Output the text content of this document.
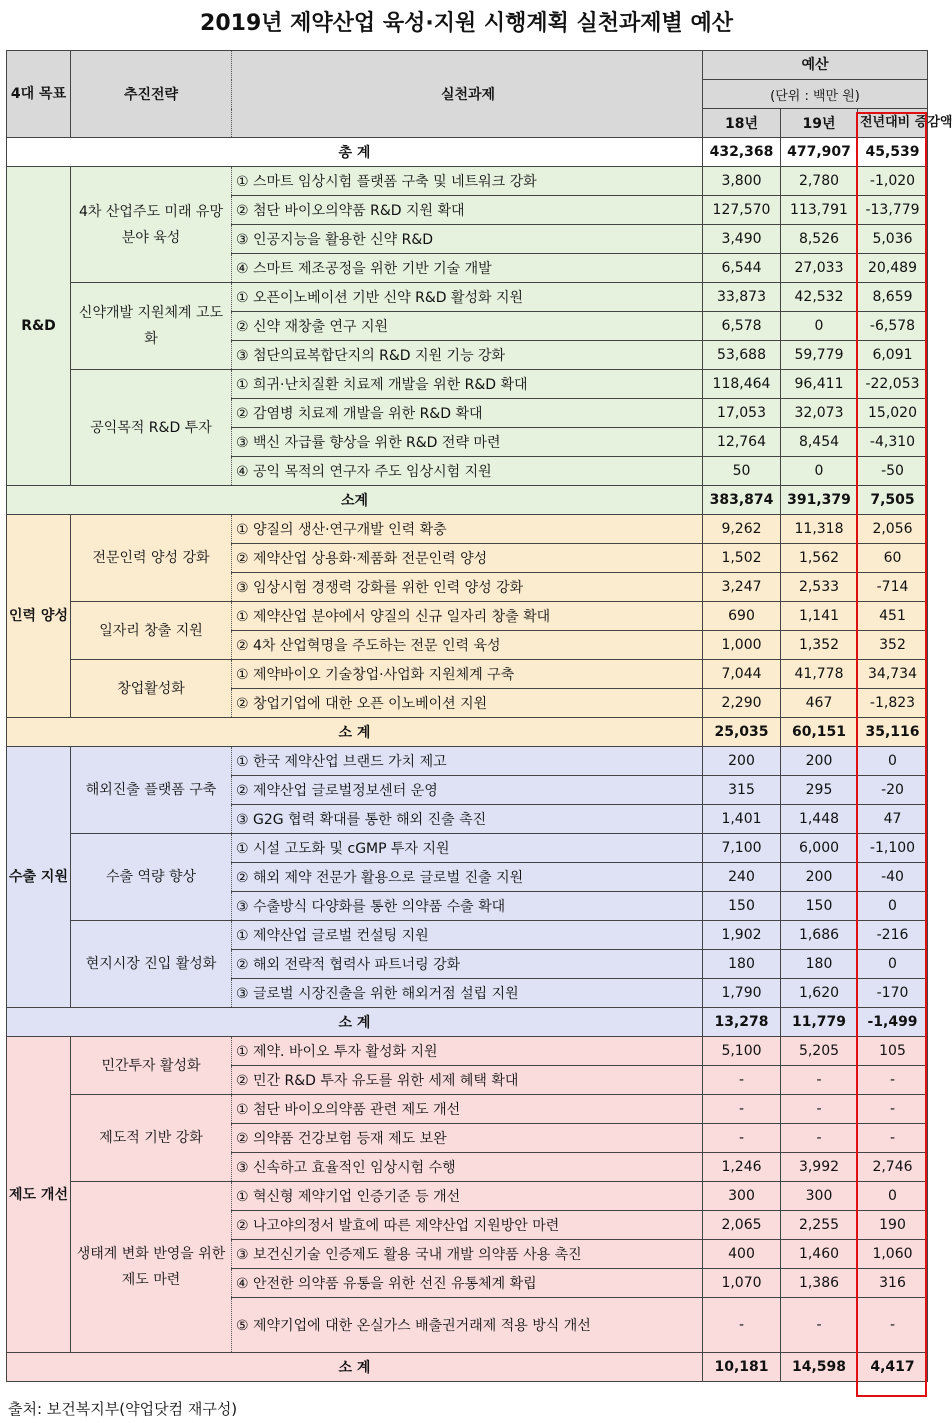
2019년 제약산업 육성·지원 시행계획 실천과제별 예산
4대 목표	추진전략	실천과제	예산		
			(단위 : 백만 원)		
			18년	19년	전년대비 증감액
총 계			432,368	477,907	45,539
R&D	4차 산업주도 미래 유망분야 육성	① 스마트 임상시험 플랫폼 구축 및 네트워크 강화	3,800	2,780	-1,020
		② 첨단 바이오의약품 R&D 지원 확대	127,570	113,791	-13,779
		③ 인공지능을 활용한 신약 R&D	3,490	8,526	5,036
		④ 스마트 제조공정을 위한 기반 기술 개발	6,544	27,033	20,489
	신약개발 지원체계 고도화	① 오픈이노베이션 기반 신약 R&D 활성화 지원	33,873	42,532	8,659
		② 신약 재창출 연구 지원	6,578	0	-6,578
		③ 첨단의료복합단지의 R&D 지원 기능 강화	53,688	59,779	6,091
	공익목적 R&D 투자	① 희귀·난치질환 치료제 개발을 위한 R&D 확대	118,464	96,411	-22,053
		② 감염병 치료제 개발을 위한 R&D 확대	17,053	32,073	15,020
		③ 백신 자급률 향상을 위한 R&D 전략 마련	12,764	8,454	-4,310
		④ 공익 목적의 연구자 주도 임상시험 지원	50	0	-50
소계			383,874	391,379	7,505
인력 양성	전문인력 양성 강화	① 양질의 생산·연구개발 인력 확충	9,262	11,318	2,056
		② 제약산업 상용화·제품화 전문인력 양성	1,502	1,562	60
		③ 임상시험 경쟁력 강화를 위한 인력 양성 강화	3,247	2,533	-714
	일자리 창출 지원	① 제약산업 분야에서 양질의 신규 일자리 창출 확대	690	1,141	451
		② 4차 산업혁명을 주도하는 전문 인력 육성	1,000	1,352	352
	창업활성화	① 제약바이오 기술창업·사업화 지원체계 구축	7,044	41,778	34,734
		② 창업기업에 대한 오픈 이노베이션 지원	2,290	467	-1,823
소 계			25,035	60,151	35,116
수출 지원	해외진출 플랫폼 구축	① 한국 제약산업 브랜드 가치 제고	200	200	0
		② 제약산업 글로벌정보센터 운영	315	295	-20
		③ G2G 협력 확대를 통한 해외 진출 촉진	1,401	1,448	47
	수출 역량 향상	① 시설 고도화 및 cGMP 투자 지원	7,100	6,000	-1,100
		② 해외 제약 전문가 활용으로 글로벌 진출 지원	240	200	-40
		③ 수출방식 다양화를 통한 의약품 수출 확대	150	150	0
	현지시장 진입 활성화	① 제약산업 글로벌 컨설팅 지원	1,902	1,686	-216
		② 해외 전략적 협력사 파트너링 강화	180	180	0
		③ 글로벌 시장진출을 위한 해외거점 설립 지원	1,790	1,620	-170
소 계			13,278	11,779	-1,499
제도 개선	민간투자 활성화	① 제약. 바이오 투자 활성화 지원	5,100	5,205	105
		② 민간 R&D 투자 유도를 위한 세제 혜택 확대	-	-	-
	제도적 기반 강화	① 첨단 바이오의약품 관련 제도 개선	-	-	-
		② 의약품 건강보험 등재 제도 보완	-	-	-
		③ 신속하고 효율적인 임상시험 수행	1,246	3,992	2,746
	생태계 변화 반영을 위한 제도 마련	① 혁신형 제약기업 인증기준 등 개선	300	300	0
		② 나고야의정서 발효에 따른 제약산업 지원방안 마련	2,065	2,255	190
		③ 보건신기술 인증제도 활용 국내 개발 의약품 사용 촉진	400	1,460	1,060
		④ 안전한 의약품 유통을 위한 선진 유통체계 확립	1,070	1,386	316
		⑤ 제약기업에 대한 온실가스 배출권거래제 적용 방식 개선	-	-	-
소 계			10,181	14,598	4,417
출처: 보건복지부(약업닷컴 재구성)
